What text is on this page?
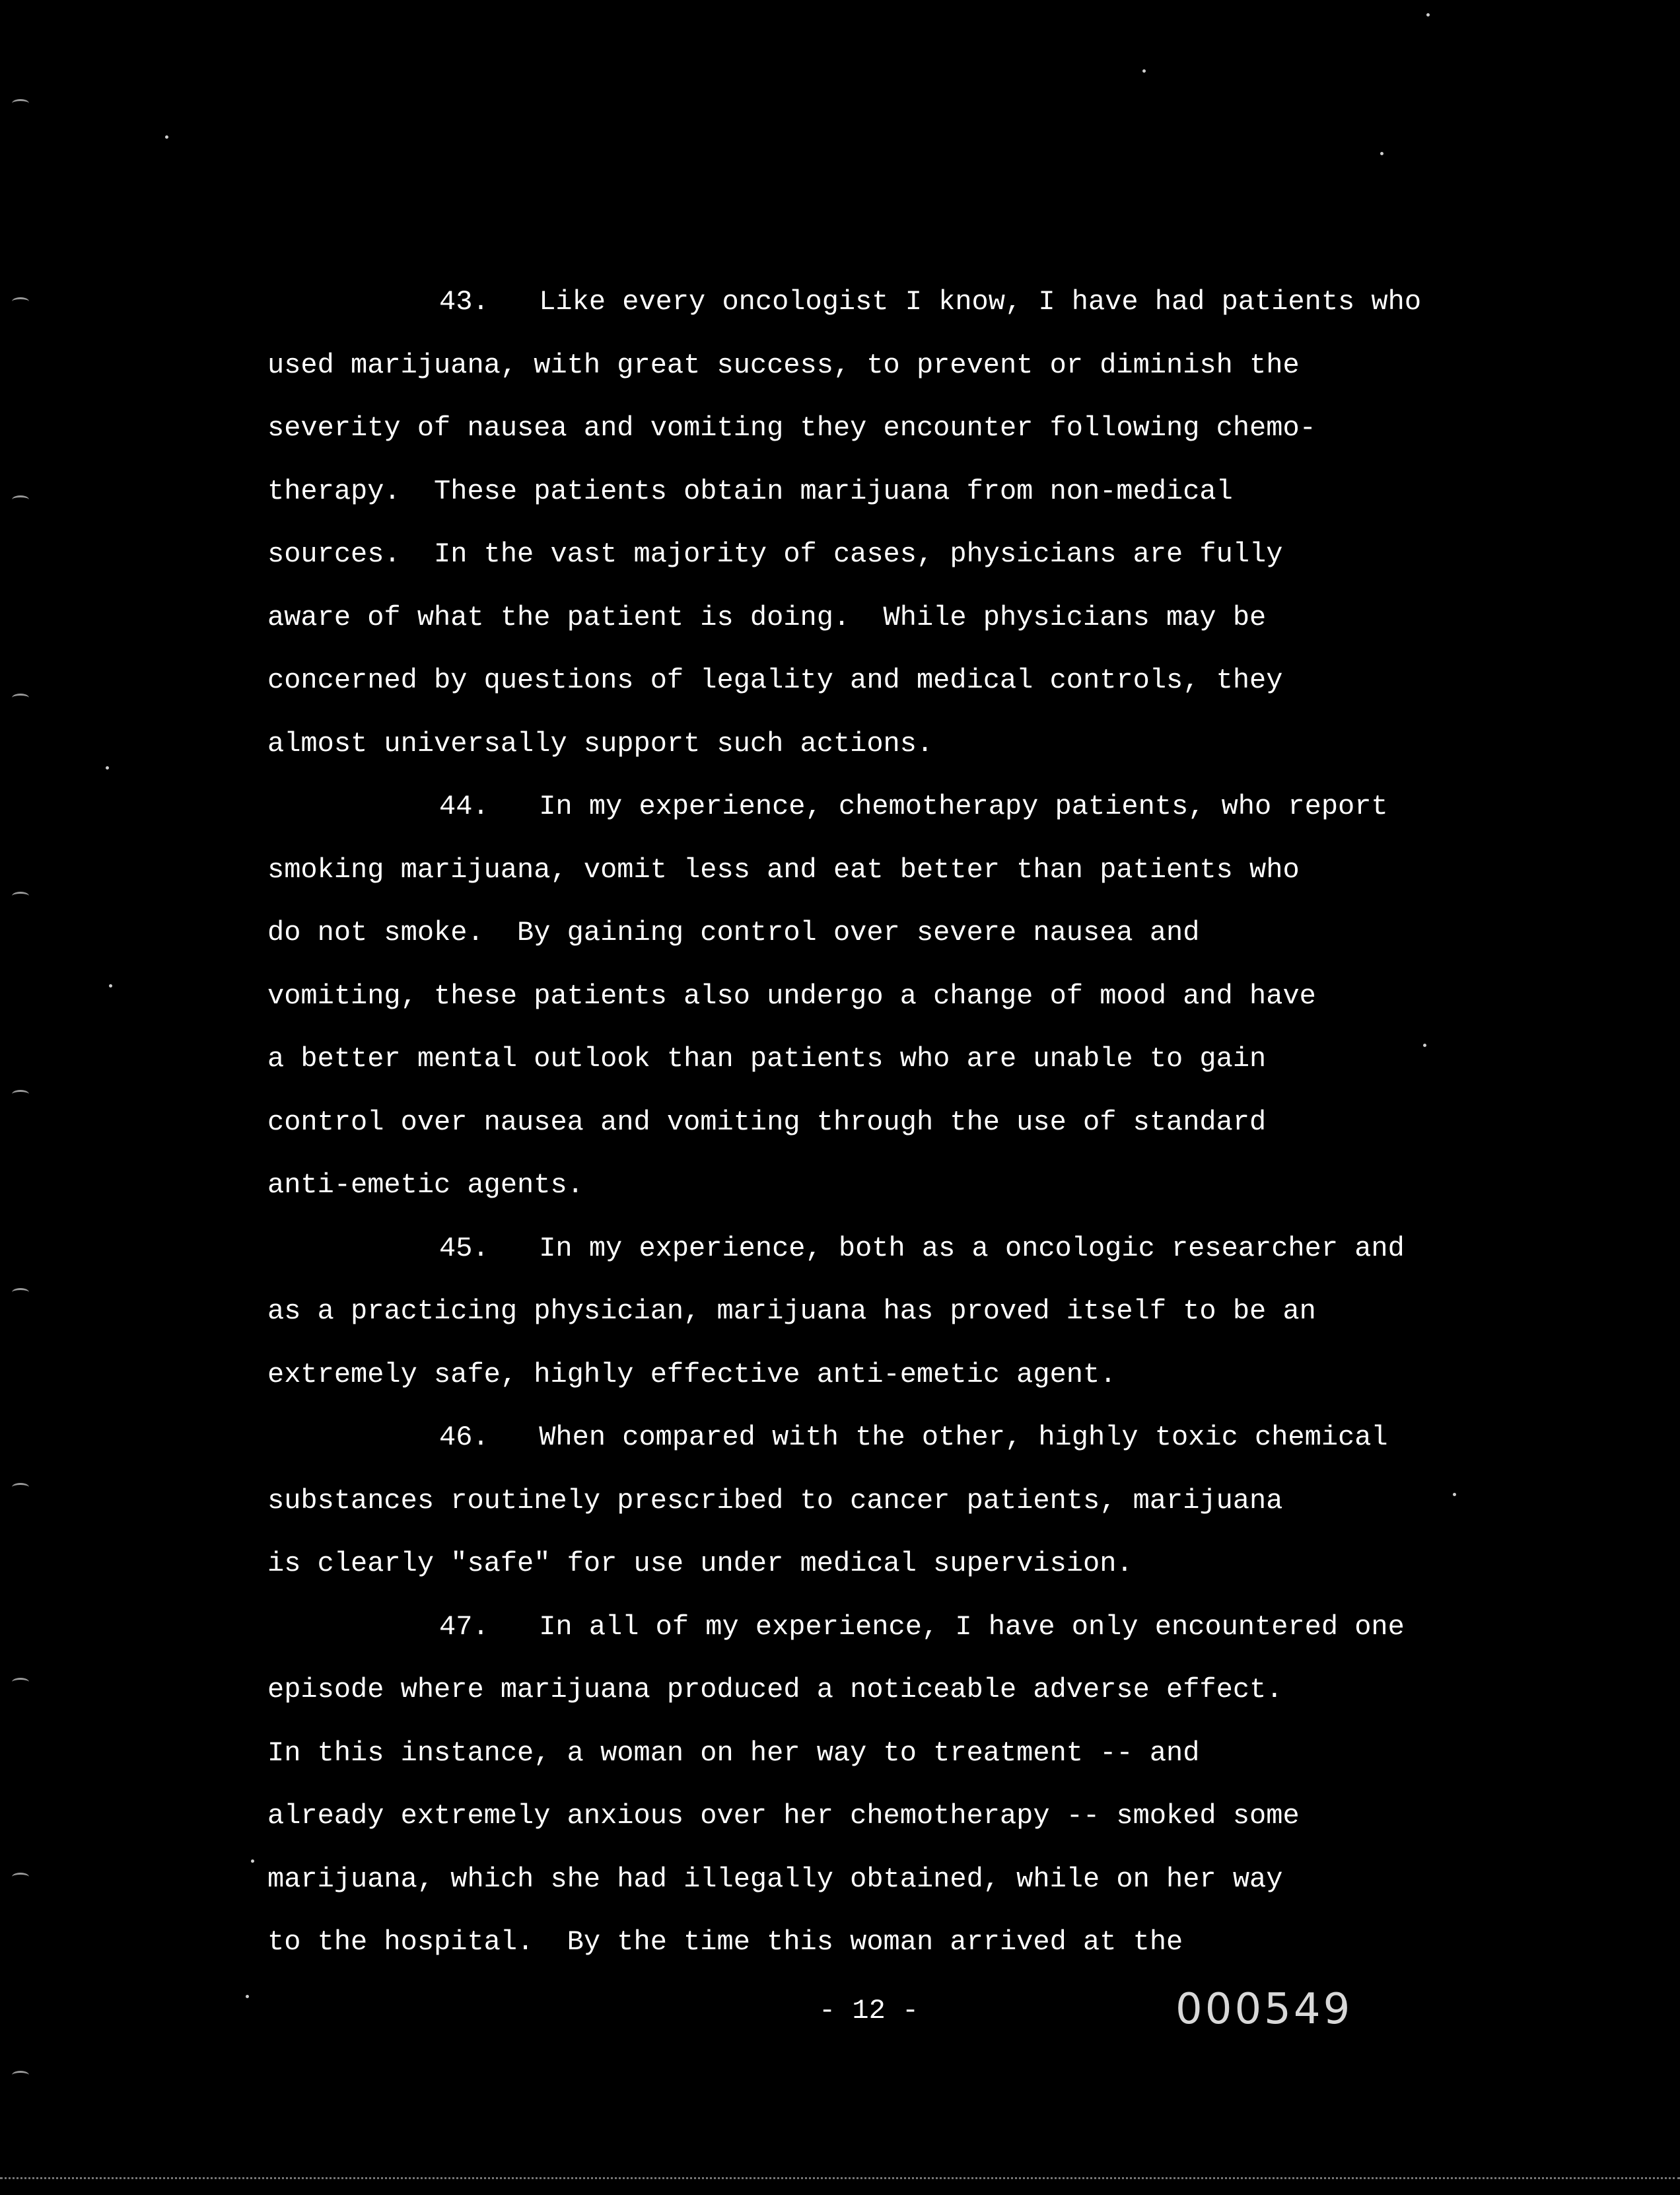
43.   Like every oncologist I know, I have had patients who
used marijuana, with great success, to prevent or diminish the
severity of nausea and vomiting they encounter following chemo-
therapy.  These patients obtain marijuana from non-medical
sources.  In the vast majority of cases, physicians are fully
aware of what the patient is doing.  While physicians may be
concerned by questions of legality and medical controls, they
almost universally support such actions.
44.   In my experience, chemotherapy patients, who report
smoking marijuana, vomit less and eat better than patients who
do not smoke.  By gaining control over severe nausea and
vomiting, these patients also undergo a change of mood and have
a better mental outlook than patients who are unable to gain
control over nausea and vomiting through the use of standard
anti-emetic agents.
45.   In my experience, both as a oncologic researcher and
as a practicing physician, marijuana has proved itself to be an
extremely safe, highly effective anti-emetic agent.
46.   When compared with the other, highly toxic chemical
substances routinely prescribed to cancer patients, marijuana
is clearly "safe" for use under medical supervision.
47.   In all of my experience, I have only encountered one
episode where marijuana produced a noticeable adverse effect.
In this instance, a woman on her way to treatment -- and
already extremely anxious over her chemotherapy -- smoked some
marijuana, which she had illegally obtained, while on her way
to the hospital.  By the time this woman arrived at the
- 12 -	000549
